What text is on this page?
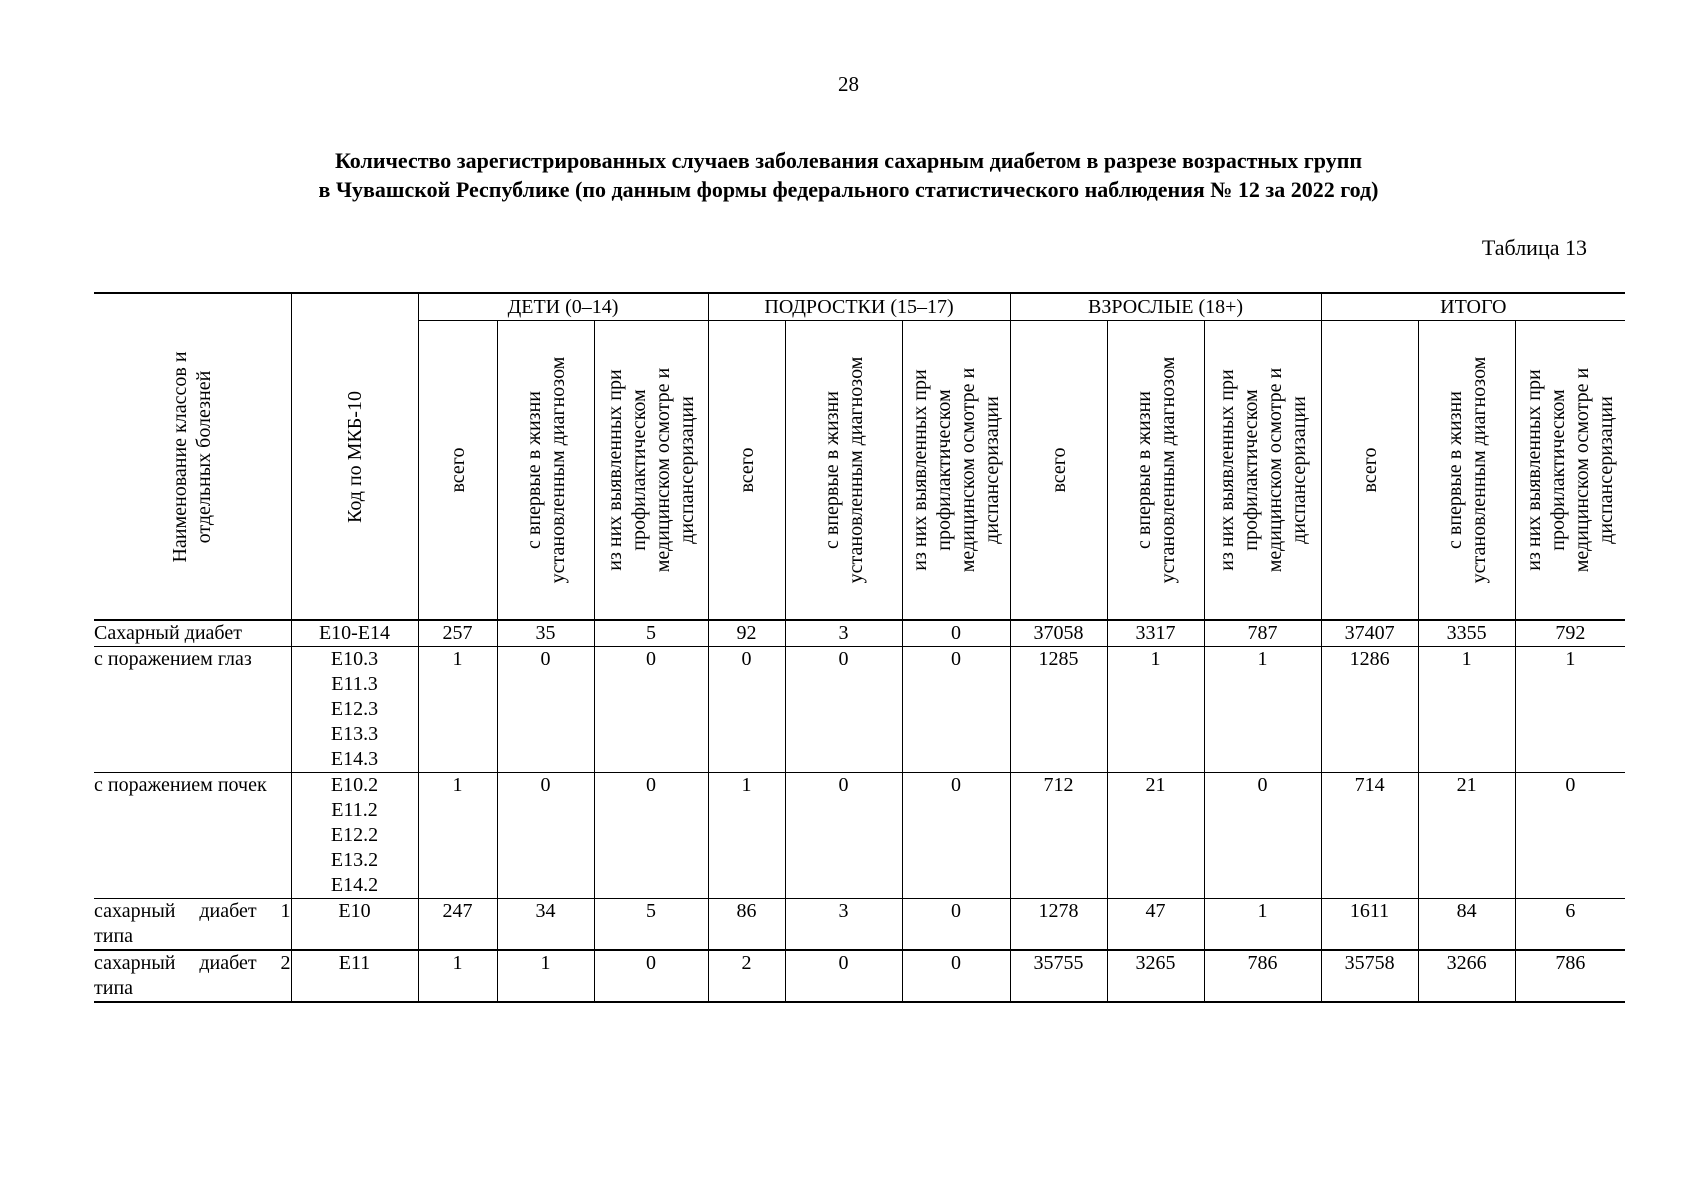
28
Количество зарегистрированных случаев заболевания сахарным диабетом в разрезе возрастных групп
в Чувашской Республике (по данным формы федерального статистического наблюдения № 12 за 2022 год)
Таблица 13
Наименование классов и отдельных болезней	Код по МКБ-10	ДЕТИ (0–14)			ПОДРОСТКИ (15–17)			ВЗРОСЛЫЕ (18+)			ИТОГО		

		всего	с впервые в жизни установленным диагнозом	из них выявленных при профилактическом медицинском осмотре и диспансеризации	всего	с впервые в жизни установленным диагнозом	из них выявленных при профилактическом медицинском осмотре и диспансеризации	всего	с впервые в жизни установленным диагнозом	из них выявленных при профилактическом медицинском осмотре и диспансеризации	всего	с впервые в жизни установленным диагнозом	из них выявленных при профилактическом медицинском осмотре и диспансеризации

Сахарный диабет	Е10-Е14	257	35	5	92	3	0	37058	3317	787	37407	3355	792
с поражением глаз	Е10.3
Е11.3
Е12.3
Е13.3
Е14.3	1	0	0	0	0	0	1285	1	1	1286	1	1
с поражением почек	Е10.2
Е11.2
Е12.2
Е13.2
Е14.2	1	0	0	1	0	0	712	21	0	714	21	0
сахарный диабет 1 типа	Е10	247	34	5	86	3	0	1278	47	1	1611	84	6
сахарный диабет 2 типа	Е11	1	1	0	2	0	0	35755	3265	786	35758	3266	786
